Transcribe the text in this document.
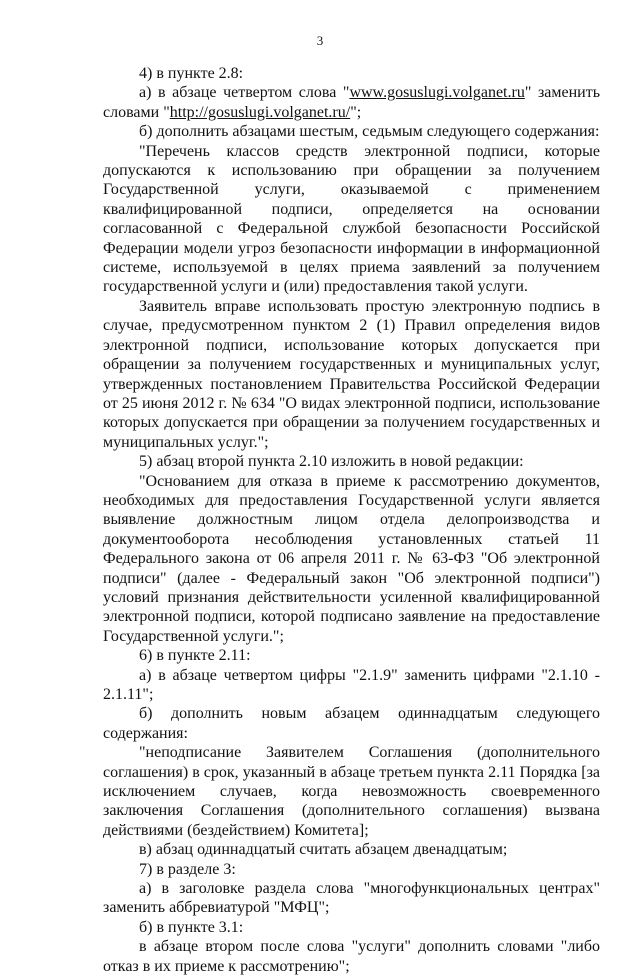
3

4) в пункте 2.8:

а) в абзаце четвертом слова "www.gosuslugi.volganet.ru" заменить словами "http://gosuslugi.volganet.ru/";

б) дополнить абзацами шестым, седьмым следующего содержания:

"Перечень классов средств электронной подписи, которые допускаются к использованию при обращении за получением Государственной услуги, оказываемой с применением квалифицированной подписи, определяется на основании согласованной с Федеральной службой безопасности Российской Федерации модели угроз безопасности информации в информационной системе, используемой в целях приема заявлений за получением государственной услуги и (или) предоставления такой услуги.

Заявитель вправе использовать простую электронную подпись в случае, предусмотренном пунктом 2 (1) Правил определения видов электронной подписи, использование которых допускается при обращении за получением государственных и муниципальных услуг, утвержденных постановлением Правительства Российской Федерации от 25 июня 2012 г. № 634 "О видах электронной подписи, использование которых допускается при обращении за получением государственных и муниципальных услуг.";

5) абзац второй пункта 2.10 изложить в новой редакции:

"Основанием для отказа в приеме к рассмотрению документов, необходимых для предоставления Государственной услуги является выявление должностным лицом отдела делопроизводства и документооборота несоблюдения установленных статьей 11 Федерального закона от 06 апреля 2011 г. № 63-ФЗ "Об электронной подписи" (далее - Федеральный закон "Об электронной подписи") условий признания действительности усиленной квалифицированной электронной подписи, которой подписано заявление на предоставление Государственной услуги.";

6) в пункте 2.11:

а) в абзаце четвертом цифры "2.1.9" заменить цифрами "2.1.10 - 2.1.11";

б) дополнить новым абзацем одиннадцатым следующего содержания:

"неподписание Заявителем Соглашения (дополнительного соглашения) в срок, указанный в абзаце третьем пункта 2.11 Порядка [за исключением случаев, когда невозможность своевременного заключения Соглашения (дополнительного соглашения) вызвана действиями (бездействием) Комитета];

в) абзац одиннадцатый считать абзацем двенадцатым;

7) в разделе 3:

а) в заголовке раздела слова "многофункциональных центрах" заменить аббревиатурой "МФЦ";

б) в пункте 3.1:

в абзаце втором после слова "услуги" дополнить словами "либо отказ в их приеме к рассмотрению";
